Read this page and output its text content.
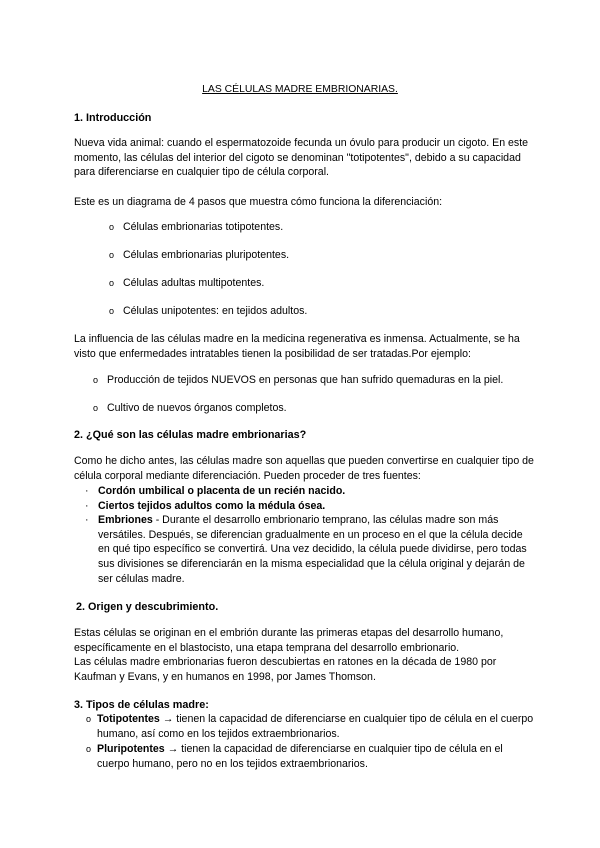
LAS CÉLULAS MADRE EMBRIONARIAS.
1. Introducción
Nueva vida animal: cuando el espermatozoide fecunda un óvulo para producir un cigoto. En este momento, las células del interior del cigoto se denominan "totipotentes", debido a su capacidad para diferenciarse en cualquier tipo de célula corporal.
Este es un diagrama de 4 pasos que muestra cómo funciona la diferenciación:
o Células embrionarias totipotentes.
o Células embrionarias pluripotentes.
o Células adultas multipotentes.
o Células unipotentes: en tejidos adultos.
La influencia de las células madre en la medicina regenerativa es inmensa. Actualmente, se ha visto que enfermedades intratables tienen la posibilidad de ser tratadas.Por ejemplo:
o Producción de tejidos NUEVOS en personas que han sufrido quemaduras en la piel.
o Cultivo de nuevos órganos completos.
2. ¿Qué son las células madre embrionarias?
Como he dicho antes, las células madre son aquellas que pueden convertirse en cualquier tipo de célula corporal mediante diferenciación. Pueden proceder de tres fuentes:
· Cordón umbilical o placenta de un recién nacido.
· Ciertos tejidos adultos como la médula ósea.
· Embriones - Durante el desarrollo embrionario temprano, las células madre son más versátiles. Después, se diferencian gradualmente en un proceso en el que la célula decide en qué tipo específico se convertirá. Una vez decidido, la célula puede dividirse, pero todas sus divisiones se diferenciarán en la misma especialidad que la célula original y dejarán de ser células madre.
2. Origen y descubrimiento.
Estas células se originan en el embrión durante las primeras etapas del desarrollo humano, específicamente en el blastocisto, una etapa temprana del desarrollo embrionario.
Las células madre embrionarias fueron descubiertas en ratones en la década de 1980 por Kaufman y Evans, y en humanos en 1998, por James Thomson.
3. Tipos de células madre:
o Totipotentes → tienen la capacidad de diferenciarse en cualquier tipo de célula en el cuerpo humano, así como en los tejidos extraembrionarios.
o Pluripotentes → tienen la capacidad de diferenciarse en cualquier tipo de célula en el cuerpo humano, pero no en los tejidos extraembrionarios.
